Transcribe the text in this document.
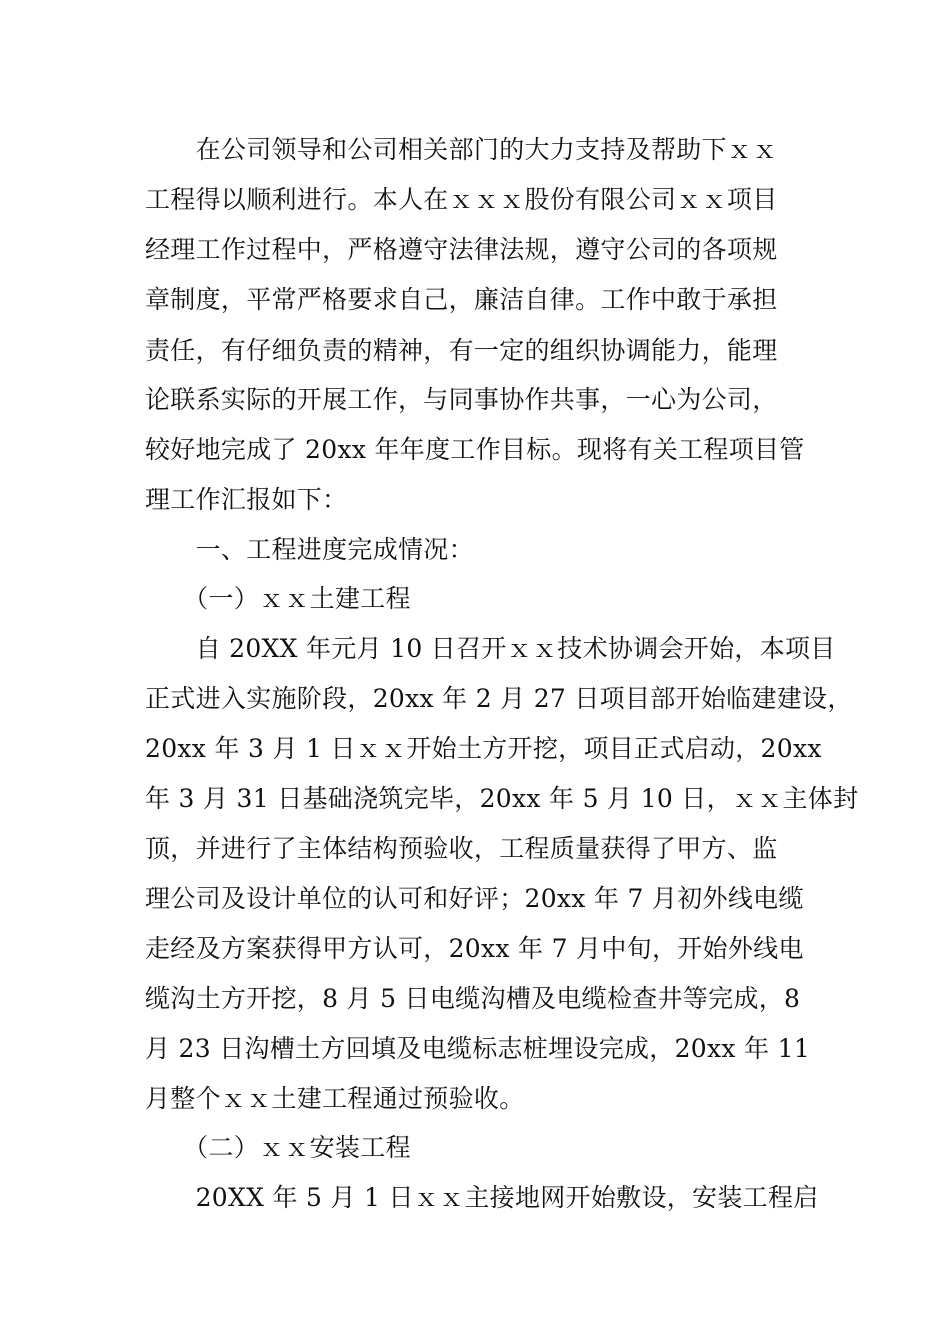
　　在公司领导和公司相关部门的大力支持及帮助下ｘｘ
工程得以顺利进行。本人在ｘｘｘ股份有限公司ｘｘ项目
经理工作过程中，严格遵守法律法规，遵守公司的各项规
章制度，平常严格要求自己，廉洁自律。工作中敢于承担
责任，有仔细负责的精神，有一定的组织协调能力，能理
论联系实际的开展工作，与同事协作共事，一心为公司，
较好地完成了 20xx 年年度工作目标。现将有关工程项目管
理工作汇报如下：
　　一、工程进度完成情况：
　　（一）ｘｘ土建工程
　　自 20XX 年元月 10 日召开ｘｘ技术协调会开始，本项目
正式进入实施阶段，20xx 年 2 月 27 日项目部开始临建建设，
20xx 年 3 月 1 日ｘｘ开始土方开挖，项目正式启动，20xx
年 3 月 31 日基础浇筑完毕，20xx 年 5 月 10 日，ｘｘ主体封
顶，并进行了主体结构预验收，工程质量获得了甲方、监
理公司及设计单位的认可和好评；20xx 年 7 月初外线电缆
走经及方案获得甲方认可，20xx 年 7 月中旬，开始外线电
缆沟土方开挖，8 月 5 日电缆沟槽及电缆检查井等完成，8
月 23 日沟槽土方回填及电缆标志桩埋设完成，20xx 年 11
月整个ｘｘ土建工程通过预验收。
　　（二）ｘｘ安装工程
　　20XX 年 5 月 1 日ｘｘ主接地网开始敷设，安装工程启
